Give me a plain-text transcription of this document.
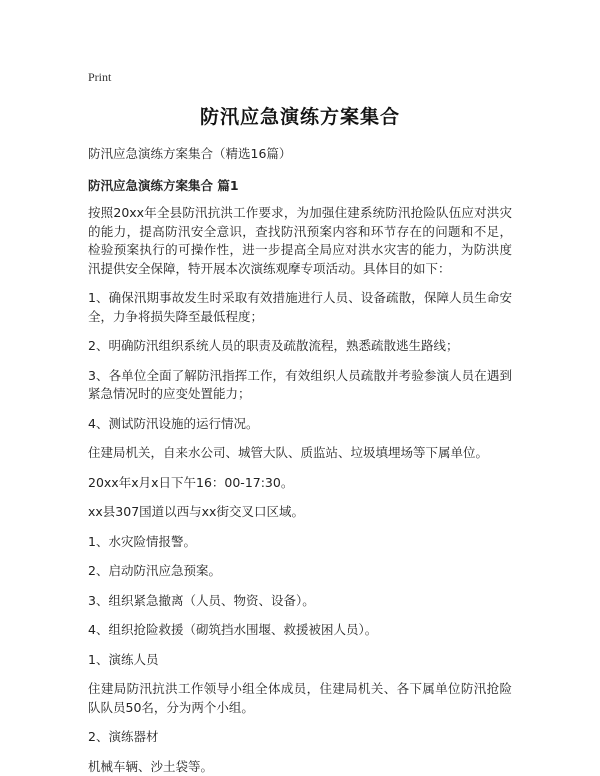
Print

防汛应急演练方案集合

防汛应急演练方案集合（精选16篇）

防汛应急演练方案集合 篇1

按照20xx年全县防汛抗洪工作要求，为加强住建系统防汛抢险队伍应对洪灾的能力，提高防汛安全意识，查找防汛预案内容和环节存在的问题和不足，检验预案执行的可操作性，进一步提高全局应对洪水灾害的能力，为防洪度汛提供安全保障，特开展本次演练观摩专项活动。具体目的如下：

1、确保汛期事故发生时采取有效措施进行人员、设备疏散，保障人员生命安全，力争将损失降至最低程度；

2、明确防汛组织系统人员的职责及疏散流程，熟悉疏散逃生路线；

3、各单位全面了解防汛指挥工作，有效组织人员疏散并考验参演人员在遇到紧急情况时的应变处置能力；

4、测试防汛设施的运行情况。

住建局机关，自来水公司、城管大队、质监站、垃圾填埋场等下属单位。

20xx年x月x日下午16：00-17:30。

xx县307国道以西与xx街交叉口区域。

1、水灾险情报警。

2、启动防汛应急预案。

3、组织紧急撤离（人员、物资、设备）。

4、组织抢险救援（砌筑挡水围堰、救援被困人员）。

1、演练人员

住建局防汛抗洪工作领导小组全体成员，住建局机关、各下属单位防汛抢险队队员50名，分为两个小组。

2、演练器材

机械车辆、沙土袋等。
